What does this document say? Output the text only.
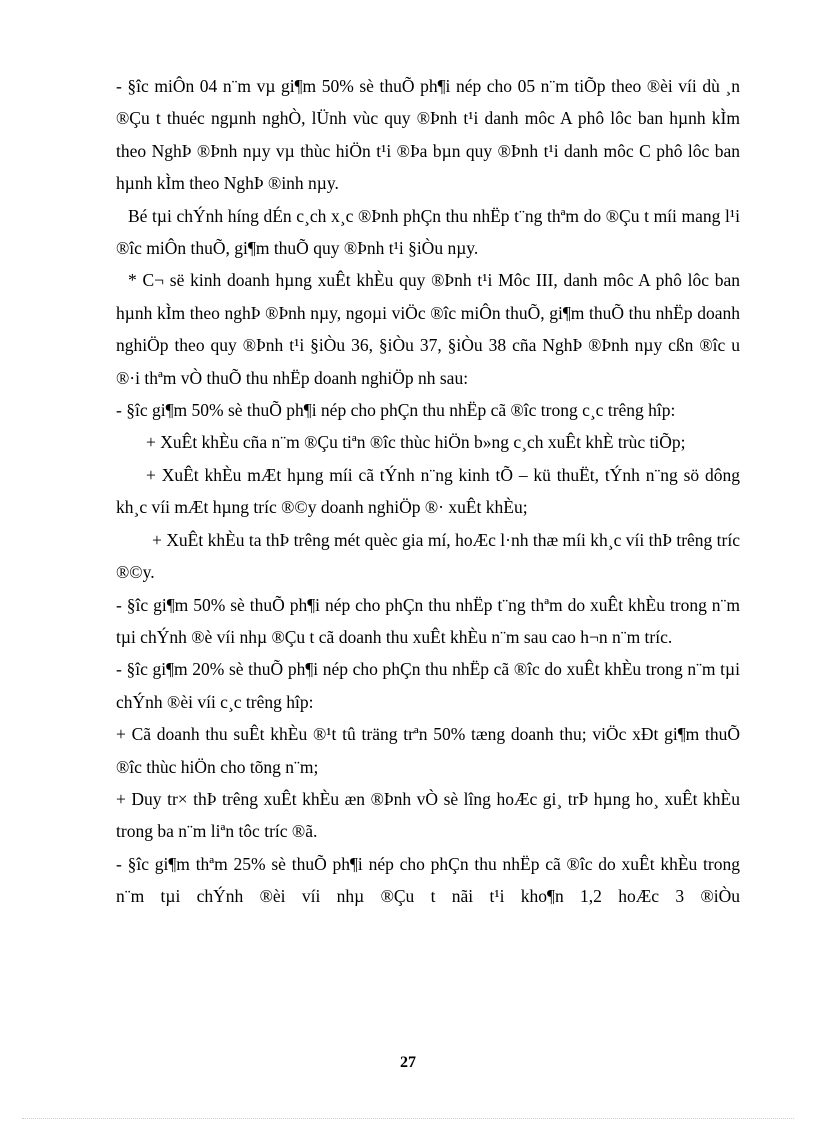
- §îc miÔn 04 n¨m vµ gi¶m 50% sè thuÕ ph¶i nép cho 05 n¨m tiÕp theo ®èi víi dù ¸n ®Çu t thuéc ngµnh nghÒ, lÜnh vùc quy ®Þnh t¹i danh môc A phô lôc ban hµnh kÌm theo NghÞ ®Þnh nµy vµ thùc hiÖn t¹i ®Þa bµn quy ®Þnh t¹i danh môc C phô lôc ban hµnh kÌm theo NghÞ ®inh nµy.

Bé tµi chÝnh híng dÉn c¸ch x¸c ®Þnh phÇn thu nhËp t¨ng thªm do ®Çu t míi mang l¹i ®îc miÔn thuÕ, gi¶m thuÕ quy ®Þnh t¹i §iÒu nµy.

* C¬ së kinh doanh hµng xuÊt khÈu quy ®Þnh t¹i Môc III, danh môc A phô lôc ban hµnh kÌm theo nghÞ ®Þnh nµy, ngoµi viÖc ®îc miÔn thuÕ, gi¶m thuÕ thu nhËp doanh nghiÖp theo quy ®Þnh t¹i §iÒu 36, §iÒu 37, §iÒu 38 cña NghÞ ®Þnh nµy cßn ®îc u ®·i thªm vÒ thuÕ thu nhËp doanh nghiÖp nh sau:

- §îc gi¶m 50% sè thuÕ ph¶i nép cho phÇn thu nhËp cã ®îc trong c¸c trêng hîp:

+ XuÊt khÈu cña n¨m ®Çu tiªn ®îc thùc hiÖn b»ng c¸ch xuÊt khÈ trùc tiÕp;

+ XuÊt khÈu mÆt hµng míi cã tÝnh n¨ng kinh tÕ – kü thuËt, tÝnh n¨ng sö dông kh¸c víi mÆt hµng tríc ®©y doanh nghiÖp ®· xuÊt khÈu;

+ XuÊt khÈu ta thÞ trêng mét quèc gia mí, hoÆc l·nh thæ míi kh¸c víi thÞ trêng tríc ®©y.

- §îc gi¶m 50% sè thuÕ ph¶i nép cho phÇn thu nhËp t¨ng thªm do xuÊt khÈu trong n¨m tµi chÝnh ®è víi nhµ ®Çu t cã doanh thu xuÊt khÈu n¨m sau cao h¬n n¨m tríc.

- §îc gi¶m 20% sè thuÕ ph¶i nép cho phÇn thu nhËp cã ®îc do xuÊt khÈu trong n¨m tµi chÝnh ®èi víi c¸c trêng hîp:

+ Cã doanh thu suÊt khÈu ®¹t tû träng trªn 50% tæng doanh thu; viÖc xÐt gi¶m thuÕ ®îc thùc hiÖn cho tõng n¨m;

+ Duy tr× thÞ trêng xuÊt khÈu æn ®Þnh vÒ sè lîng hoÆc gi¸ trÞ hµng ho¸ xuÊt khÈu trong ba n¨m liªn tôc tríc ®ã.

- §îc gi¶m thªm 25% sè thuÕ ph¶i nép cho phÇn thu nhËp cã ®îc do xuÊt khÈu trong n¨m tµi chÝnh ®èi víi nhµ ®Çu t nãi t¹i kho¶n 1,2 hoÆc 3 ®iÒu

27
